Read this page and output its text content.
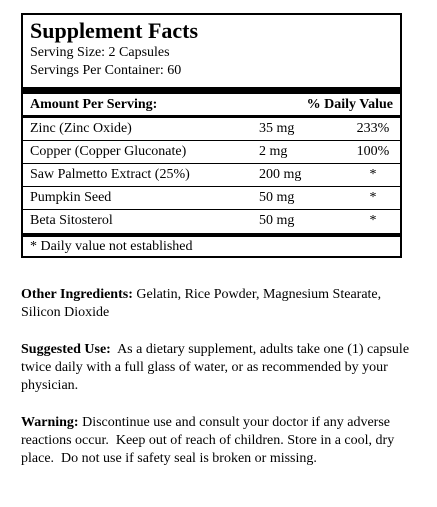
Supplement Facts
Serving Size: 2 Capsules
Servings Per Container: 60
Amount Per Serving:	% Daily Value
Zinc (Zinc Oxide)	35 mg	233%
Copper (Copper Gluconate)	2 mg	100%
Saw Palmetto Extract (25%)	200 mg	*
Pumpkin Seed	50 mg	*
Beta Sitosterol	50 mg	*
* Daily value not established
Other Ingredients: Gelatin, Rice Powder, Magnesium Stearate, Silicon Dioxide
Suggested Use:  As a dietary supplement, adults take one (1) capsule twice daily with a full glass of water, or as recommended by your physician.
Warning: Discontinue use and consult your doctor if any adverse reactions occur.  Keep out of reach of children. Store in a cool, dry place.  Do not use if safety seal is broken or missing.
